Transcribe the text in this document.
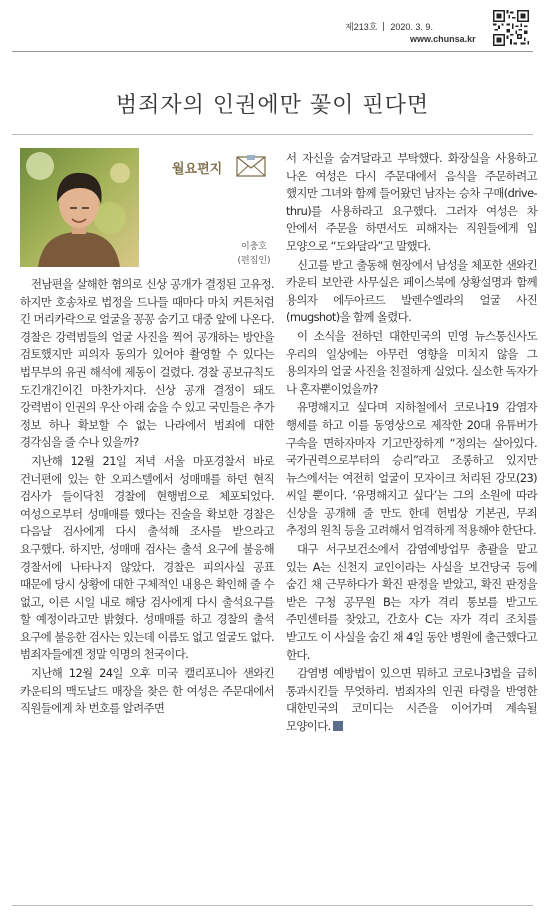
제213호 2020. 3. 9.
www.chunsa.kr
범죄자의 인권에만 꽃이 핀다면
월요편지
이충호
(편집인)

전남편을 살해한 혐의로 신상 공개가 결정된 고유정. 하지만 호송차로 법정을 드나들 때마다 마치 커튼처럼 긴 머리카락으로 얼굴을 꽁꽁 숨기고 대중 앞에 나온다. 경찰은 강력범들의 얼굴 사진을 찍어 공개하는 방안을 검토했지만 피의자 동의가 있어야 촬영할 수 있다는 법무부의 유권 해석에 제동이 걸렸다. 경찰 공보규칙도 도긴개긴이긴 마찬가지다. 신상 공개 결정이 돼도 강력범이 인권의 우산 아래 숨을 수 있고 국민들은 추가 정보 하나 확보할 수 없는 나라에서 범죄에 대한 경각심을 줄 수나 있을까?

지난해 12월 21일 저녁 서울 마포경찰서 바로 건너편에 있는 한 오피스텔에서 성매매를 하던 현직 검사가 들이닥친 경찰에 현행범으로 체포되었다. 여성으로부터 성매매를 했다는 진술을 확보한 경찰은 다음날 검사에게 다시 출석해 조사를 받으라고 요구했다. 하지만, 성매매 검사는 출석 요구에 불응해 경찰서에 나타나지 않았다. 경찰은 피의사실 공표 때문에 당시 상황에 대한 구체적인 내용은 확인해 줄 수 없고, 이른 시일 내로 해당 검사에게 다시 출석요구를 할 예정이라고만 밝혔다. 성매매를 하고 경찰의 출석 요구에 불응한 검사는 있는데 이름도 없고 얼굴도 없다. 범죄자들에겐 정말 익명의 천국이다.

지난해 12월 24일 오후 미국 캘리포니아 샌와킨 카운티의 맥도날드 매장을 찾은 한 여성은 주문대에서 직원들에게 차 번호를 알려주면

서 자신을 숨겨달라고 부탁했다. 화장실을 사용하고 나온 여성은 다시 주문대에서 음식을 주문하려고 했지만 그녀와 함께 들어왔던 남자는 승차 구매(drive-thru)를 사용하라고 요구했다. 그러자 여성은 차 안에서 주문을 하면서도 피해자는 직원들에게 입 모양으로 “도와달라”고 말했다.

신고를 받고 출동해 현장에서 남성을 체포한 샌와킨 카운티 보안관 사무실은 페이스북에 상황설명과 함께 용의자 에두아르드 발렌수엘라의 얼굴 사진(mugshot)을 함께 올렸다.

이 소식을 전하던 대한민국의 민영 뉴스통신사도 우리의 일상에는 아무런 영향을 미치지 않을 그 용의자의 얼굴 사진을 친절하게 실었다. 실소한 독자가 나 혼자뿐이었을까?

유명해지고 싶다며 지하철에서 코로나19 감염자 행세를 하고 이를 동영상으로 제작한 20대 유튜버가 구속을 면하자마자 기고만장하게 “정의는 살아있다. 국가권력으로부터의 승리”라고 조롱하고 있지만 뉴스에서는 여전히 얼굴이 모자이크 처리된 강모(23) 씨일 뿐이다. ‘유명해지고 싶다’는 그의 소원에 따라 신상을 공개해 줄 만도 한데 헌법상 기본권, 무죄 추정의 원칙 등을 고려해서 엄격하게 적용해야 한단다.

대구 서구보건소에서 감염예방업무 총괄을 맡고 있는 A는 신천지 교인이라는 사실을 보건당국 등에 숨긴 채 근무하다가 확진 판정을 받았고, 확진 판정을 받은 구청 공무원 B는 자가 격리 통보를 받고도 주민센터를 찾았고, 간호사 C는 자가 격리 조치를 받고도 이 사실을 숨긴 채 4일 동안 병원에 출근했다고 한다.

감염병 예방법이 있으면 뭐하고 코로나3법을 급히 통과시킨들 무엇하리. 범죄자의 인권 타령을 반영한 대한민국의 코미디는 시즌을 이어가며 계속될 모양이다.
